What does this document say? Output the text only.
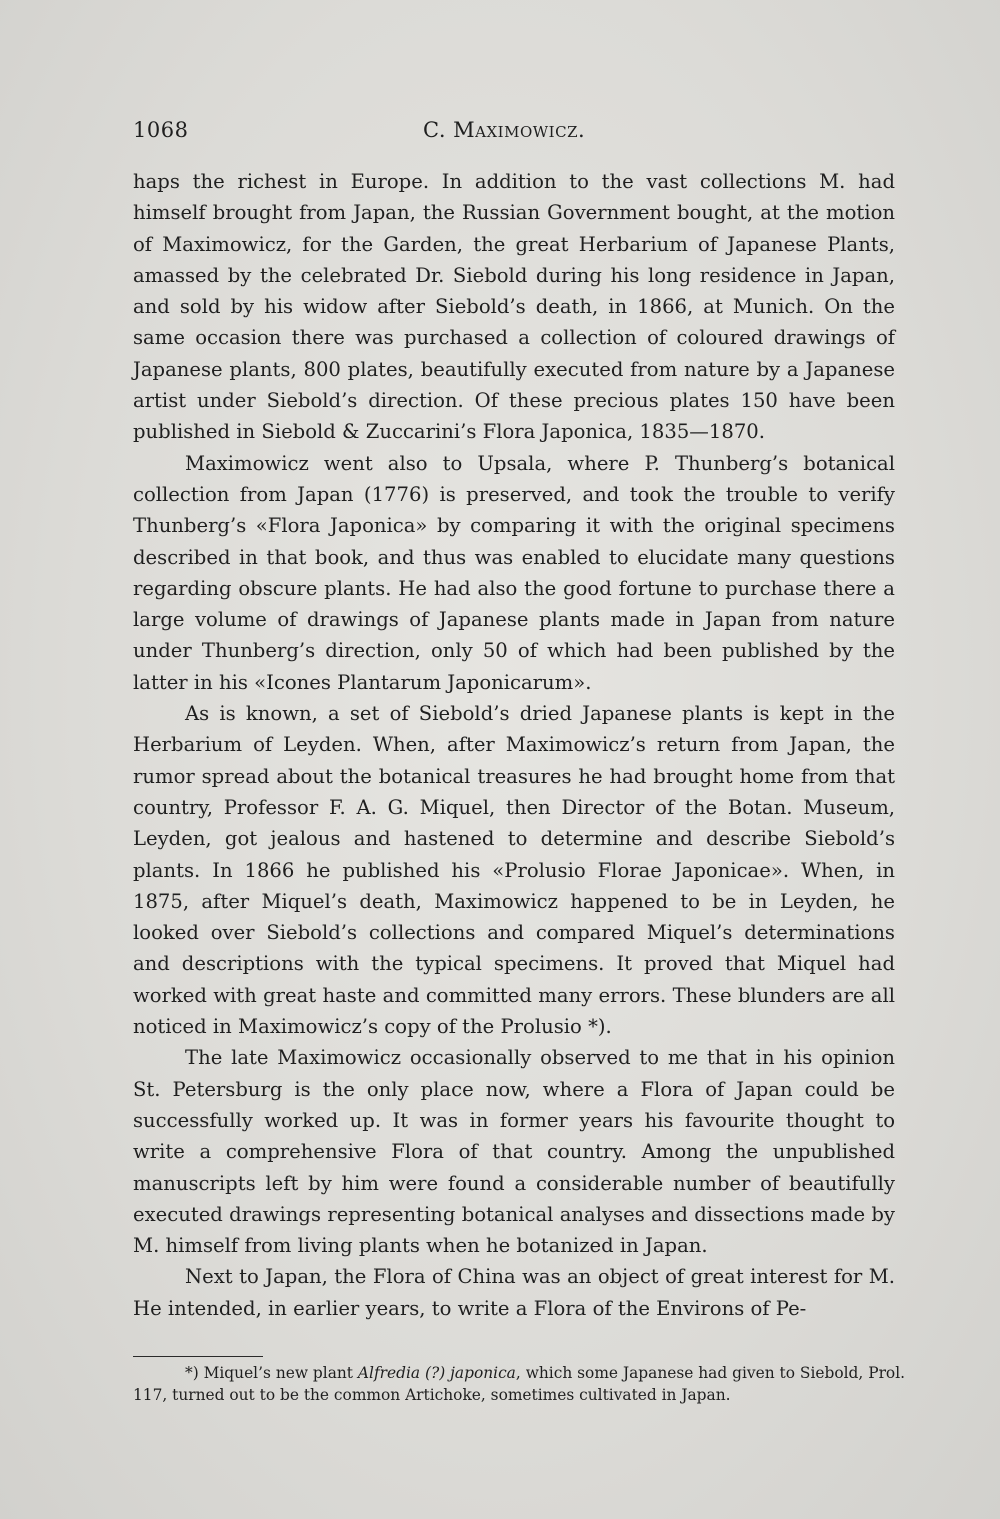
1068	C. Maximowicz.

haps the richest in Europe. In addition to the vast collections M. had himself brought from Japan, the Russian Government bought, at the motion of Maximowicz, for the Garden, the great Herbarium of Japanese Plants, amassed by the celebrated Dr. Siebold during his long residence in Japan, and sold by his widow after Siebold’s death, in 1866, at Munich. On the same occasion there was purchased a collection of coloured drawings of Japanese plants, 800 plates, beautifully executed from nature by a Japanese artist under Siebold’s direction. Of these precious plates 150 have been published in Siebold & Zuccarini’s Flora Japonica, 1835—1870.

Maximowicz went also to Upsala, where P. Thunberg’s botanical collection from Japan (1776) is preserved, and took the trouble to verify Thunberg’s «Flora Japonica» by comparing it with the original specimens described in that book, and thus was enabled to elucidate many questions regarding obscure plants. He had also the good fortune to purchase there a large volume of drawings of Japanese plants made in Japan from nature under Thunberg’s direction, only 50 of which had been published by the latter in his «Icones Plantarum Japonicarum».

As is known, a set of Siebold’s dried Japanese plants is kept in the Herbarium of Leyden. When, after Maximowicz’s return from Japan, the rumor spread about the botanical treasures he had brought home from that country, Professor F. A. G. Miquel, then Director of the Botan. Museum, Leyden, got jealous and hastened to determine and describe Siebold’s plants. In 1866 he published his «Prolusio Florae Japonicae». When, in 1875, after Miquel’s death, Maximowicz happened to be in Leyden, he looked over Siebold’s collections and compared Miquel’s determinations and descriptions with the typical specimens. It proved that Miquel had worked with great haste and committed many errors. These blunders are all noticed in Maximowicz’s copy of the Prolusio *).

The late Maximowicz occasionally observed to me that in his opinion St. Petersburg is the only place now, where a Flora of Japan could be successfully worked up. It was in former years his favourite thought to write a comprehensive Flora of that country. Among the unpublished manuscripts left by him were found a considerable number of beautifully executed drawings representing botanical analyses and dissections made by M. himself from living plants when he botanized in Japan.

Next to Japan, the Flora of China was an object of great interest for M. He intended, in earlier years, to write a Flora of the Environs of Pe-

*) Miquel’s new plant Alfredia (?) japonica, which some Japanese had given to Siebold, Prol. 117, turned out to be the common Artichoke, sometimes cultivated in Japan.
